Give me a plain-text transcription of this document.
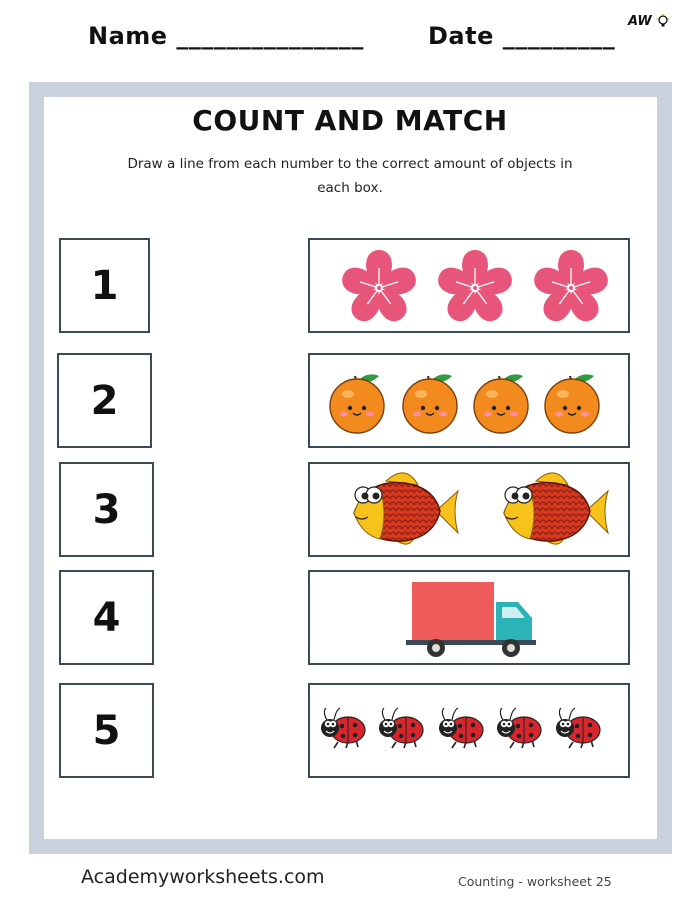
Name _______________	Date _________
AW
COUNT AND MATCH
Draw a line from each number to the correct amount of objects in each box.
1
2
3
4
5
Academyworksheets.com	Counting - worksheet 25
